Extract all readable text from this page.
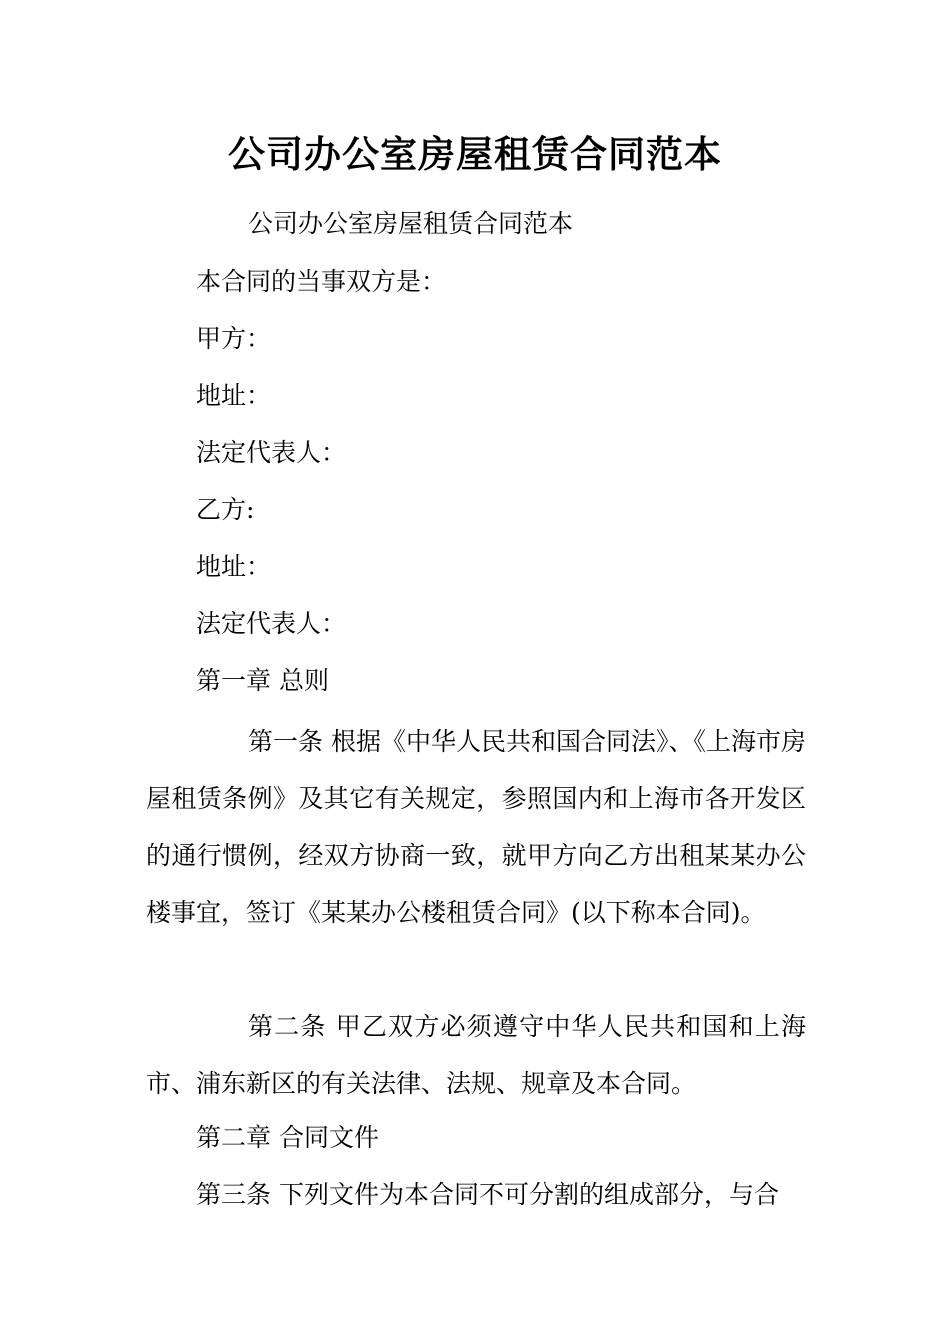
公司办公室房屋租赁合同范本
公司办公室房屋租赁合同范本
本合同的当事双方是：
甲方：
地址：
法定代表人：
乙方:
地址：
法定代表人：
第一章 总则
第一条 根据《中华人民共和国合同法》、《上海市房屋租赁条例》及其它有关规定，参照国内和上海市各开发区的通行惯例，经双方协商一致，就甲方向乙方出租某某办公楼事宜，签订《某某办公楼租赁合同》(以下称本合同)。
第二条 甲乙双方必须遵守中华人民共和国和上海市、浦东新区的有关法律、法规、规章及本合同。
第二章 合同文件
第三条 下列文件为本合同不可分割的组成部分，与合
